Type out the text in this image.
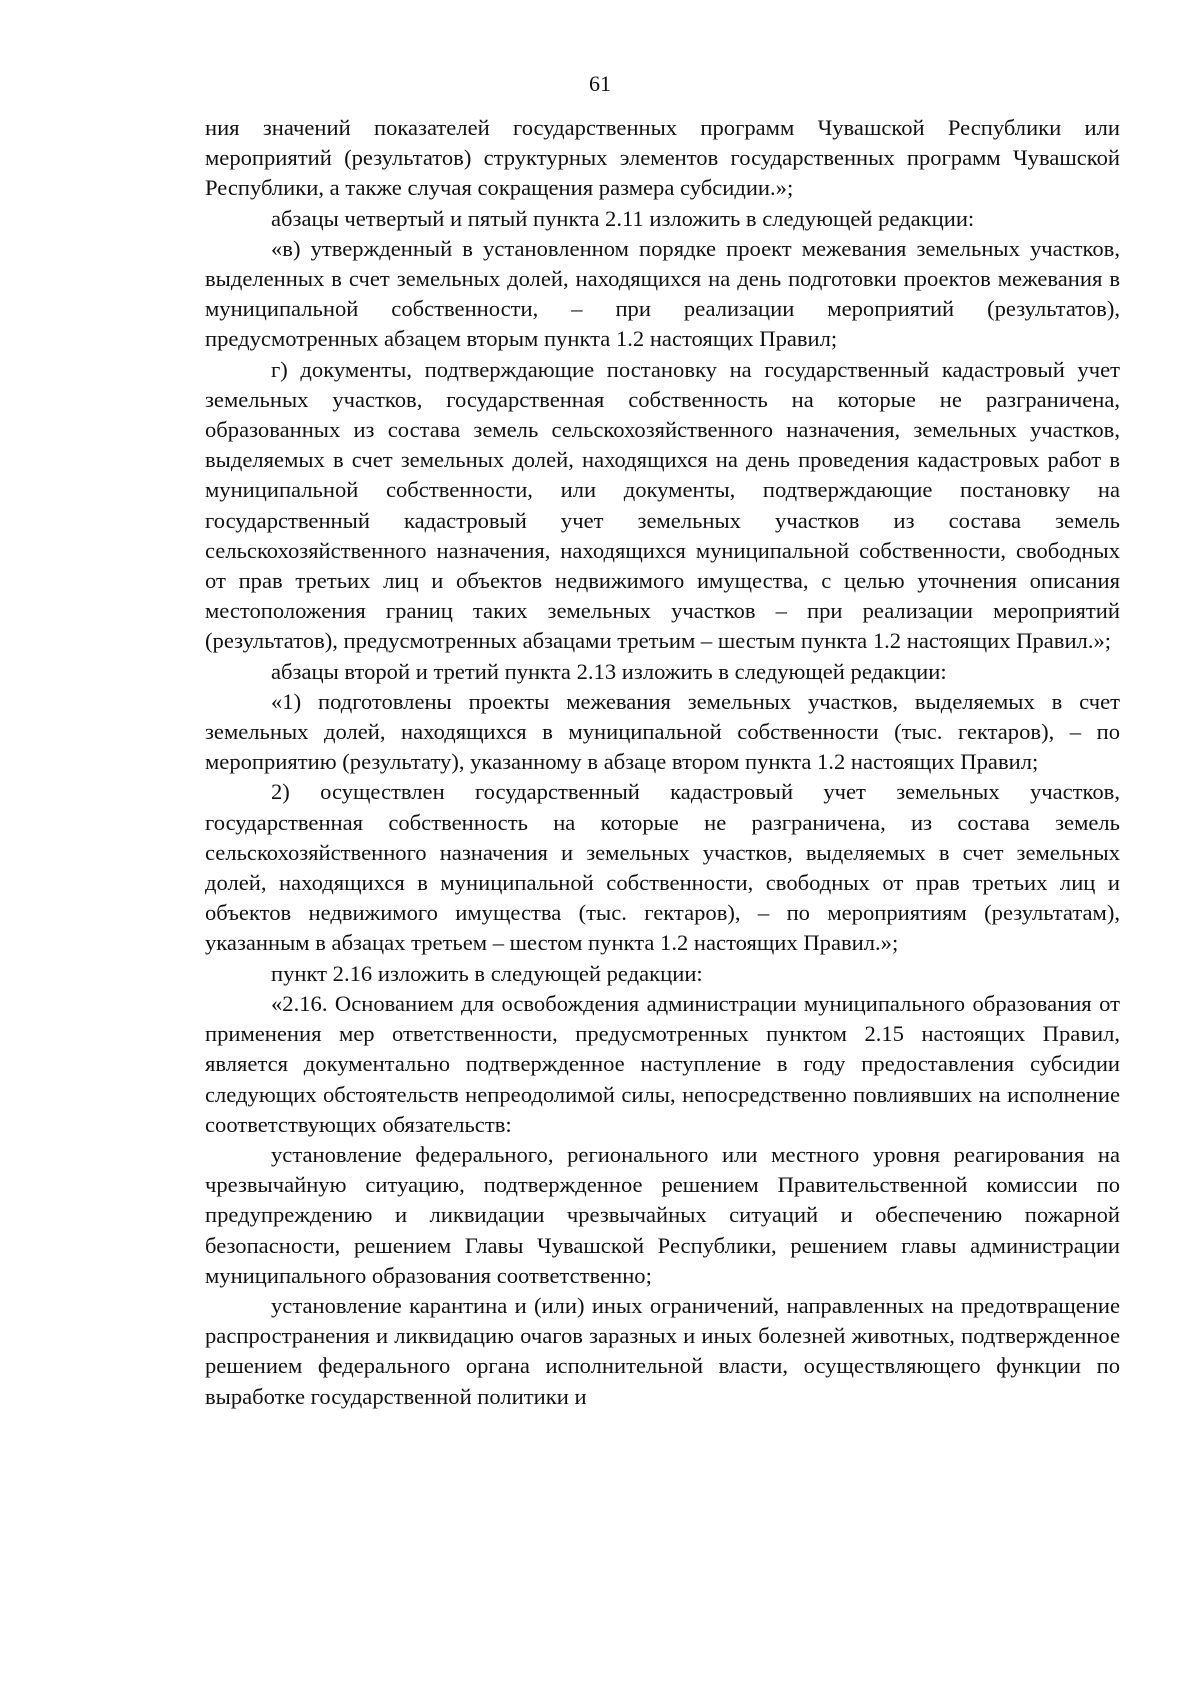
61

ния значений показателей государственных программ Чувашской Республики или мероприятий (результатов) структурных элементов государственных программ Чувашской Республики, а также случая сокращения размера субсидии.»;

абзацы четвертый и пятый пункта 2.11 изложить в следующей редакции:

«в) утвержденный в установленном порядке проект межевания земельных участков, выделенных в счет земельных долей, находящихся на день подготовки проектов межевания в муниципальной собственности, – при реализации мероприятий (результатов), предусмотренных абзацем вторым пункта 1.2 настоящих Правил;

г) документы, подтверждающие постановку на государственный кадастровый учет земельных участков, государственная собственность на которые не разграничена, образованных из состава земель сельскохозяйственного назначения, земельных участков, выделяемых в счет земельных долей, находящихся на день проведения кадастровых работ в муниципальной собственности, или документы, подтверждающие постановку на государственный кадастровый учет земельных участков из состава земель сельскохозяйственного назначения, находящихся муниципальной собственности, свободных от прав третьих лиц и объектов недвижимого имущества, с целью уточнения описания местоположения границ таких земельных участков – при реализации мероприятий (результатов), предусмотренных абзацами третьим – шестым пункта 1.2 настоящих Правил.»;

абзацы второй и третий пункта 2.13 изложить в следующей редакции:

«1) подготовлены проекты межевания земельных участков, выделяемых в счет земельных долей, находящихся в муниципальной собственности (тыс. гектаров), – по мероприятию (результату), указанному в абзаце втором пункта 1.2 настоящих Правил;

2) осуществлен государственный кадастровый учет земельных участков, государственная собственность на которые не разграничена, из состава земель сельскохозяйственного назначения и земельных участков, выделяемых в счет земельных долей, находящихся в муниципальной собственности, свободных от прав третьих лиц и объектов недвижимого имущества (тыс. гектаров), – по мероприятиям (результатам), указанным в абзацах третьем – шестом пункта 1.2 настоящих Правил.»;

пункт 2.16 изложить в следующей редакции:

«2.16. Основанием для освобождения администрации муниципального образования от применения мер ответственности, предусмотренных пунктом 2.15 настоящих Правил, является документально подтвержденное наступление в году предоставления субсидии следующих обстоятельств непреодолимой силы, непосредственно повлиявших на исполнение соответствующих обязательств:

установление федерального, регионального или местного уровня реагирования на чрезвычайную ситуацию, подтвержденное решением Правительственной комиссии по предупреждению и ликвидации чрезвычайных ситуаций и обеспечению пожарной безопасности, решением Главы Чувашской Республики, решением главы администрации муниципального образования соответственно;

установление карантина и (или) иных ограничений, направленных на предотвращение распространения и ликвидацию очагов заразных и иных болезней животных, подтвержденное решением федерального органа исполнительной власти, осуществляющего функции по выработке государственной политики и
